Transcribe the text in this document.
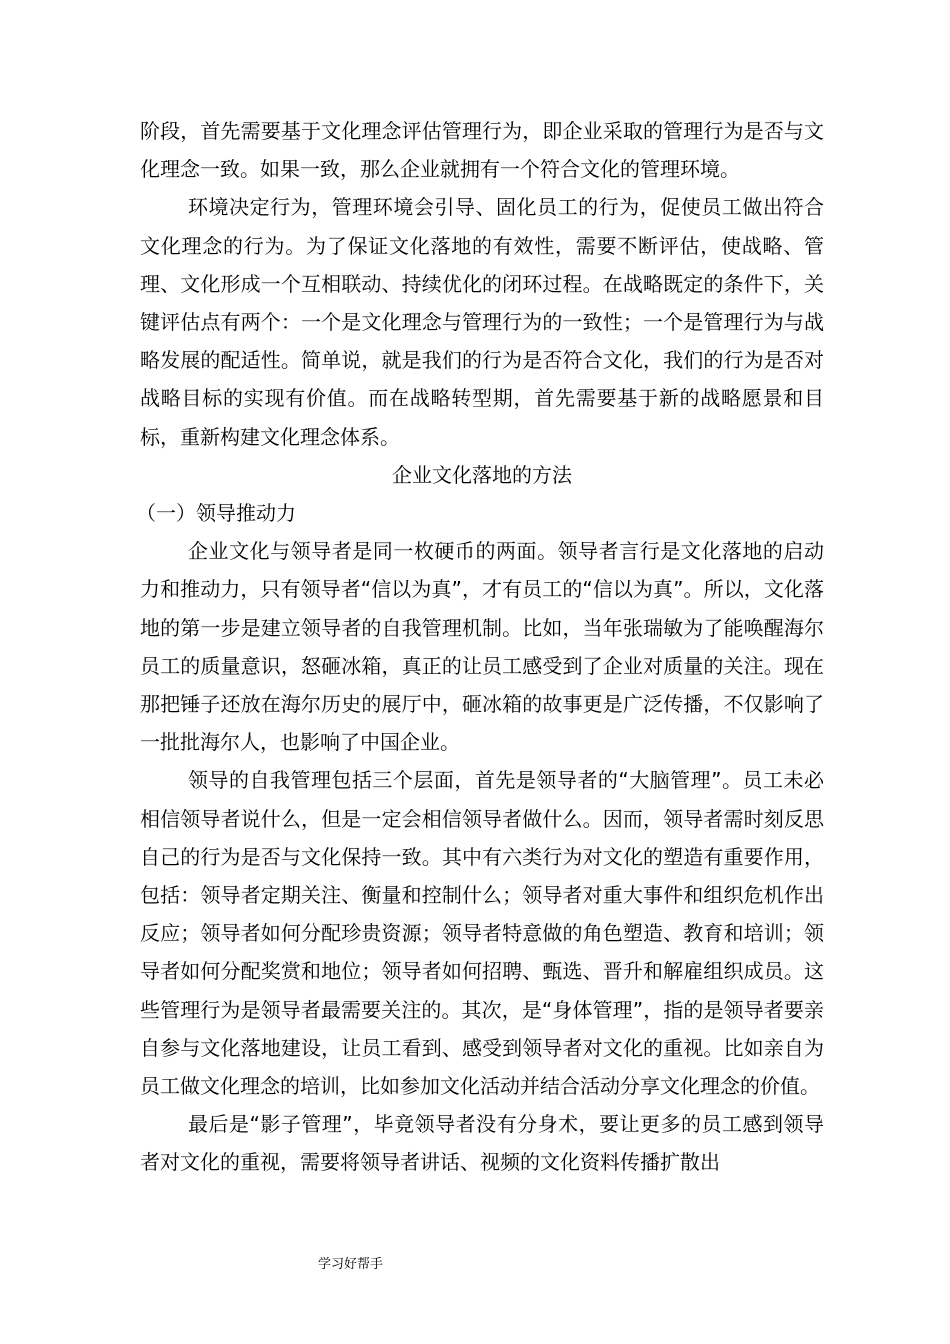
阶段，首先需要基于文化理念评估管理行为，即企业采取的管理行为是否与文化理念一致。如果一致，那么企业就拥有一个符合文化的管理环境。

环境决定行为，管理环境会引导、固化员工的行为，促使员工做出符合文化理念的行为。为了保证文化落地的有效性，需要不断评估，使战略、管理、文化形成一个互相联动、持续优化的闭环过程。在战略既定的条件下，关键评估点有两个：一个是文化理念与管理行为的一致性；一个是管理行为与战略发展的配适性。简单说，就是我们的行为是否符合文化，我们的行为是否对战略目标的实现有价值。而在战略转型期，首先需要基于新的战略愿景和目标，重新构建文化理念体系。

企业文化落地的方法

（一）领导推动力

企业文化与领导者是同一枚硬币的两面。领导者言行是文化落地的启动力和推动力，只有领导者“信以为真”，才有员工的“信以为真”。所以，文化落地的第一步是建立领导者的自我管理机制。比如，当年张瑞敏为了能唤醒海尔员工的质量意识，怒砸冰箱，真正的让员工感受到了企业对质量的关注。现在那把锤子还放在海尔历史的展厅中，砸冰箱的故事更是广泛传播，不仅影响了一批批海尔人，也影响了中国企业。

领导的自我管理包括三个层面，首先是领导者的“大脑管理”。员工未必相信领导者说什么，但是一定会相信领导者做什么。因而，领导者需时刻反思自己的行为是否与文化保持一致。其中有六类行为对文化的塑造有重要作用，包括：领导者定期关注、衡量和控制什么；领导者对重大事件和组织危机作出反应；领导者如何分配珍贵资源；领导者特意做的角色塑造、教育和培训；领导者如何分配奖赏和地位；领导者如何招聘、甄选、晋升和解雇组织成员。这些管理行为是领导者最需要关注的。其次，是“身体管理”，指的是领导者要亲自参与文化落地建设，让员工看到、感受到领导者对文化的重视。比如亲自为员工做文化理念的培训，比如参加文化活动并结合活动分享文化理念的价值。

最后是“影子管理”，毕竟领导者没有分身术，要让更多的员工感到领导者对文化的重视，需要将领导者讲话、视频的文化资料传播扩散出

学习好帮手
